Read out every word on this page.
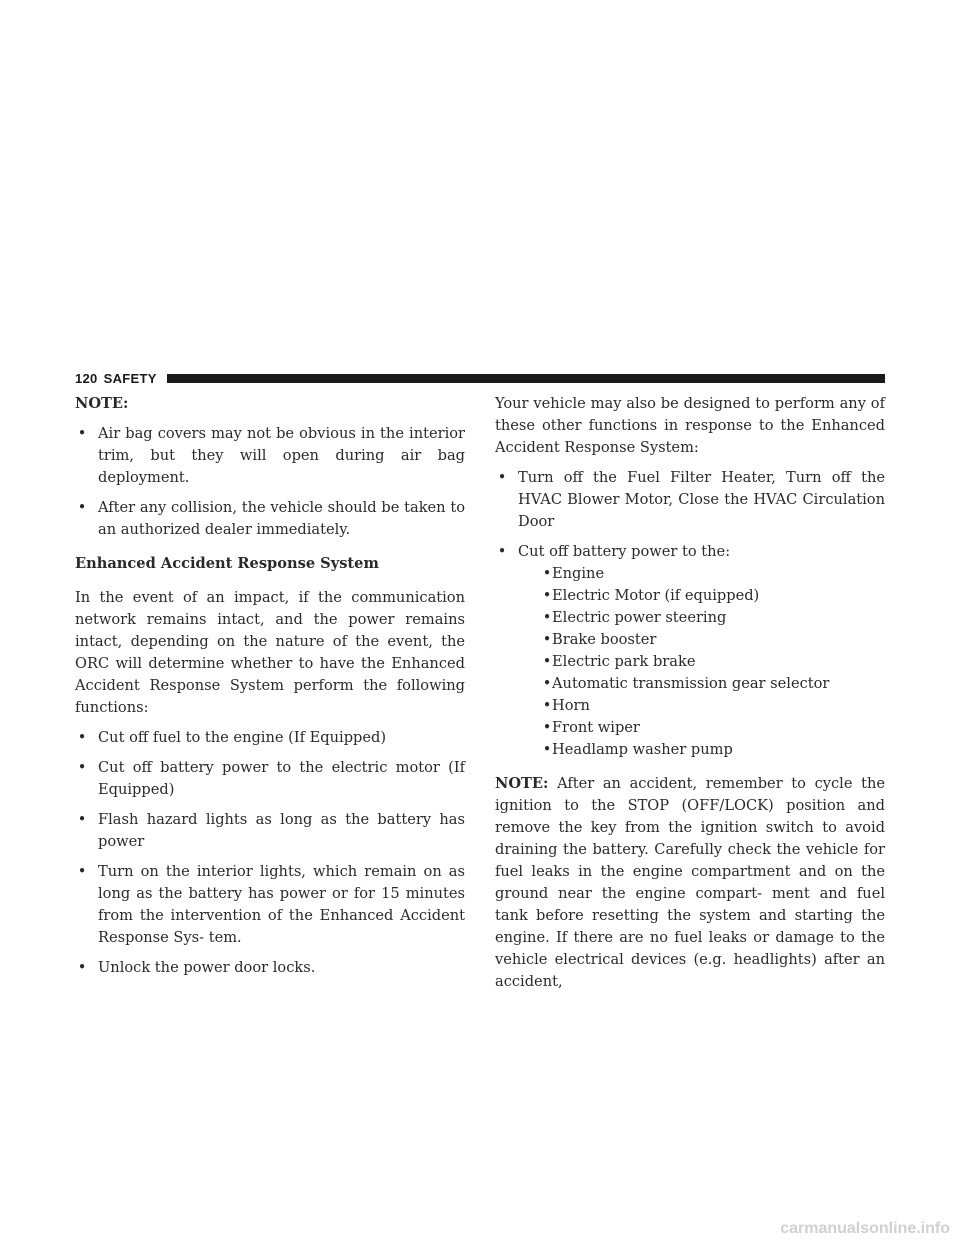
120 SAFETY

NOTE:

• Air bag covers may not be obvious in the interior trim, but they will open during air bag deployment.
• After any collision, the vehicle should be taken to an authorized dealer immediately.

Enhanced Accident Response System

In the event of an impact, if the communication network remains intact, and the power remains intact, depending on the nature of the event, the ORC will determine whether to have the Enhanced Accident Response System perform the following functions:

• Cut off fuel to the engine (If Equipped)
• Cut off battery power to the electric motor (If Equipped)
• Flash hazard lights as long as the battery has power
• Turn on the interior lights, which remain on as long as the battery has power or for 15 minutes from the intervention of the Enhanced Accident Response Sys- tem.
• Unlock the power door locks.

Your vehicle may also be designed to perform any of these other functions in response to the Enhanced Accident Response System:

• Turn off the Fuel Filter Heater, Turn off the HVAC Blower Motor, Close the HVAC Circulation Door
• Cut off battery power to the:
• Engine
• Electric Motor (if equipped)
• Electric power steering
• Brake booster
• Electric park brake
• Automatic transmission gear selector
• Horn
• Front wiper
• Headlamp washer pump

NOTE: After an accident, remember to cycle the ignition to the STOP (OFF/LOCK) position and remove the key from the ignition switch to avoid draining the battery. Carefully check the vehicle for fuel leaks in the engine compartment and on the ground near the engine compart- ment and fuel tank before resetting the system and starting the engine. If there are no fuel leaks or damage to the vehicle electrical devices (e.g. headlights) after an accident,

carmanualsonline.info
